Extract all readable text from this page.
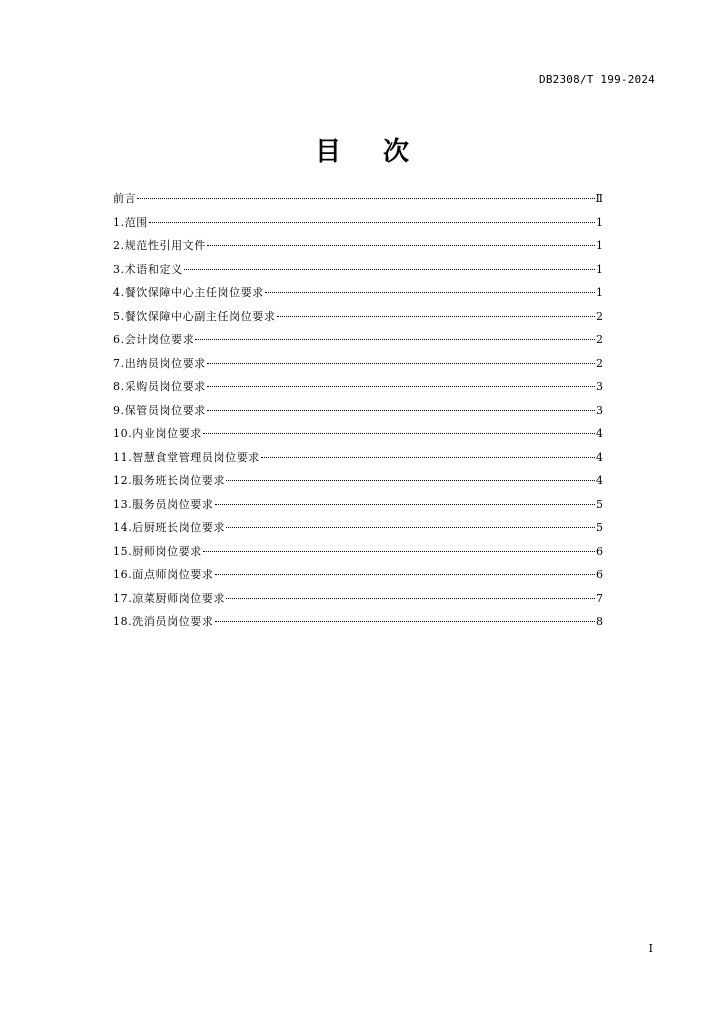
DB2308/T 199-2024
目次
前言	Ⅱ
1.范围	1
2.规范性引用文件	1
3.术语和定义	1
4.餐饮保障中心主任岗位要求	1
5.餐饮保障中心副主任岗位要求	2
6.会计岗位要求	2
7.出纳员岗位要求	2
8.采购员岗位要求	3
9.保管员岗位要求	3
10.内业岗位要求	4
11.智慧食堂管理员岗位要求	4
12.服务班长岗位要求	4
13.服务员岗位要求	5
14.后厨班长岗位要求	5
15.厨师岗位要求	6
16.面点师岗位要求	6
17.凉菜厨师岗位要求	7
18.洗消员岗位要求	8
I
